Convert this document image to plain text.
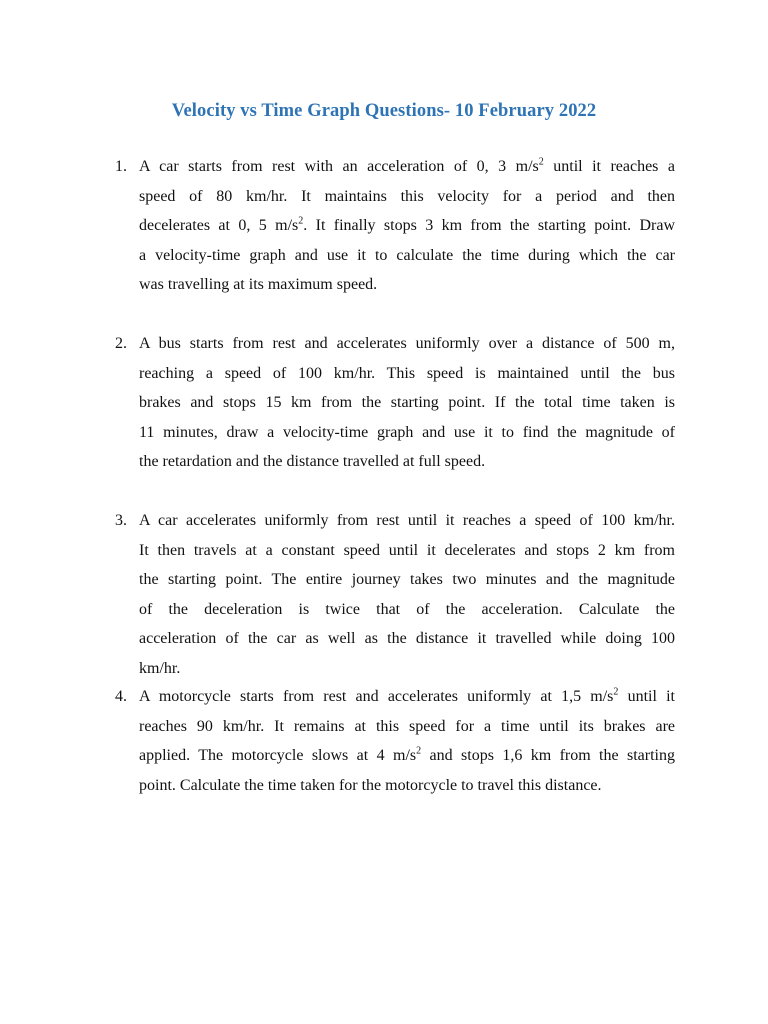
Velocity vs Time Graph Questions- 10 February 2022
1. A car starts from rest with an acceleration of 0, 3 $m/s^2$ until it reaches a
speed of 80 km/hr. It maintains this velocity for a period and then
decelerates at 0, 5 $m/s^2$. It finally stops 3 km from the starting point. Draw
a velocity-time graph and use it to calculate the time during which the car
was travelling at its maximum speed.
2. A bus starts from rest and accelerates uniformly over a distance of 500 m,
reaching a speed of 100 km/hr. This speed is maintained until the bus
brakes and stops 15 km from the starting point. If the total time taken is
11 minutes, draw a velocity-time graph and use it to find the magnitude of
the retardation and the distance travelled at full speed.
3. A car accelerates uniformly from rest until it reaches a speed of 100 km/hr.
It then travels at a constant speed until it decelerates and stops 2 km from
the starting point. The entire journey takes two minutes and the magnitude
of the deceleration is twice that of the acceleration. Calculate the
acceleration of the car as well as the distance it travelled while doing 100
km/hr.
4. A motorcycle starts from rest and accelerates uniformly at 1,5 $m/s^2$ until it
reaches 90 km/hr. It remains at this speed for a time until its brakes are
applied. The motorcycle slows at 4 $m/s^2$ and stops 1,6 km from the starting
point. Calculate the time taken for the motorcycle to travel this distance.
